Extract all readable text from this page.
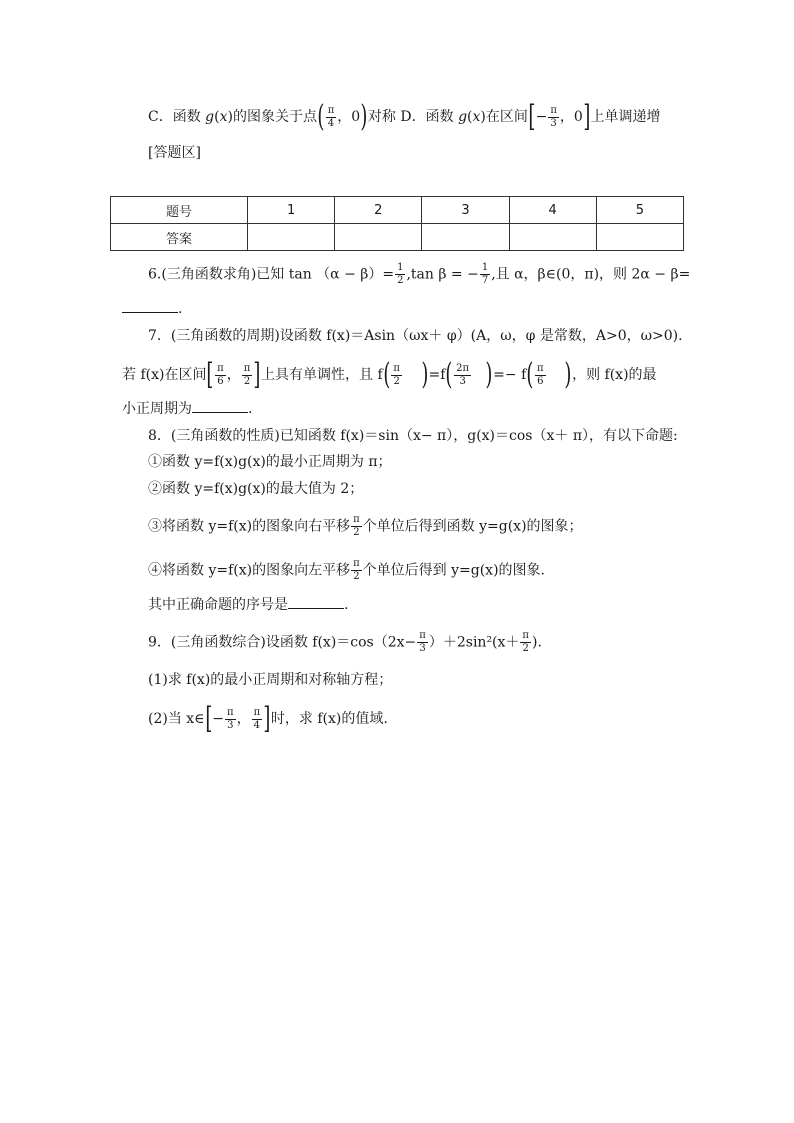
C．函数 g(x)的图象关于点( $\frac{\pi}{4}$ ，0)对称 D．函数 g(x)在区间[− $\frac{\pi}{3}$ ，0]上单调递增
[答题区]
题号	1	2	3	4	5
答案					
6.(三角函数求角)已知 $\tan (\alpha - \beta)= \frac{1}{2} ,\tan$ β = − $\frac{1}{7}$ ,且 α，β∈(0，π)，则 2α − β=
.
7．(三角函数的周期)设函数 f(x)＝Asin（ωx＋ φ）(A，ω，φ 是常数，A>0，ω>0).
若 f(x)在区间[ $\frac{\pi}{6}$ ， $\frac{\pi}{2}$ ]上具有单调性，且 $f( \frac{\pi}{2} )=f( \frac{2\pi}{3}$ )=− $f( \frac{\pi}{6}$ )，则 f(x)的最
小正周期为	.
8．(三角函数的性质)已知函数 f(x)＝sin（x− π），g(x)＝cos（x＋ π），有以下命题:
①函数 y=f(x)g(x)的最小正周期为 π；
②函数 y=f(x)g(x)的最大值为 2；
③将函数 y=f(x)的图象向右平移 $\frac{\pi}{2}$ 个单位后得到函数 y=g(x)的图象；
④将函数 y=f(x)的图象向左平移 $\frac{\pi}{2}$ 个单位后得到 y=g(x)的图象.
其中正确命题的序号是	.
9．(三角函数综合)设函数 $f(x)=\cos(2x- \frac{\pi}{3} )+2\sin^2(x+ \frac{\pi}{2}$ ).
(1)求 f(x)的最小正周期和对称轴方程；
(2)当 x∈[− $\frac{\pi}{3}$ ， $\frac{\pi}{4}$ ]时，求 f(x)的值域.
